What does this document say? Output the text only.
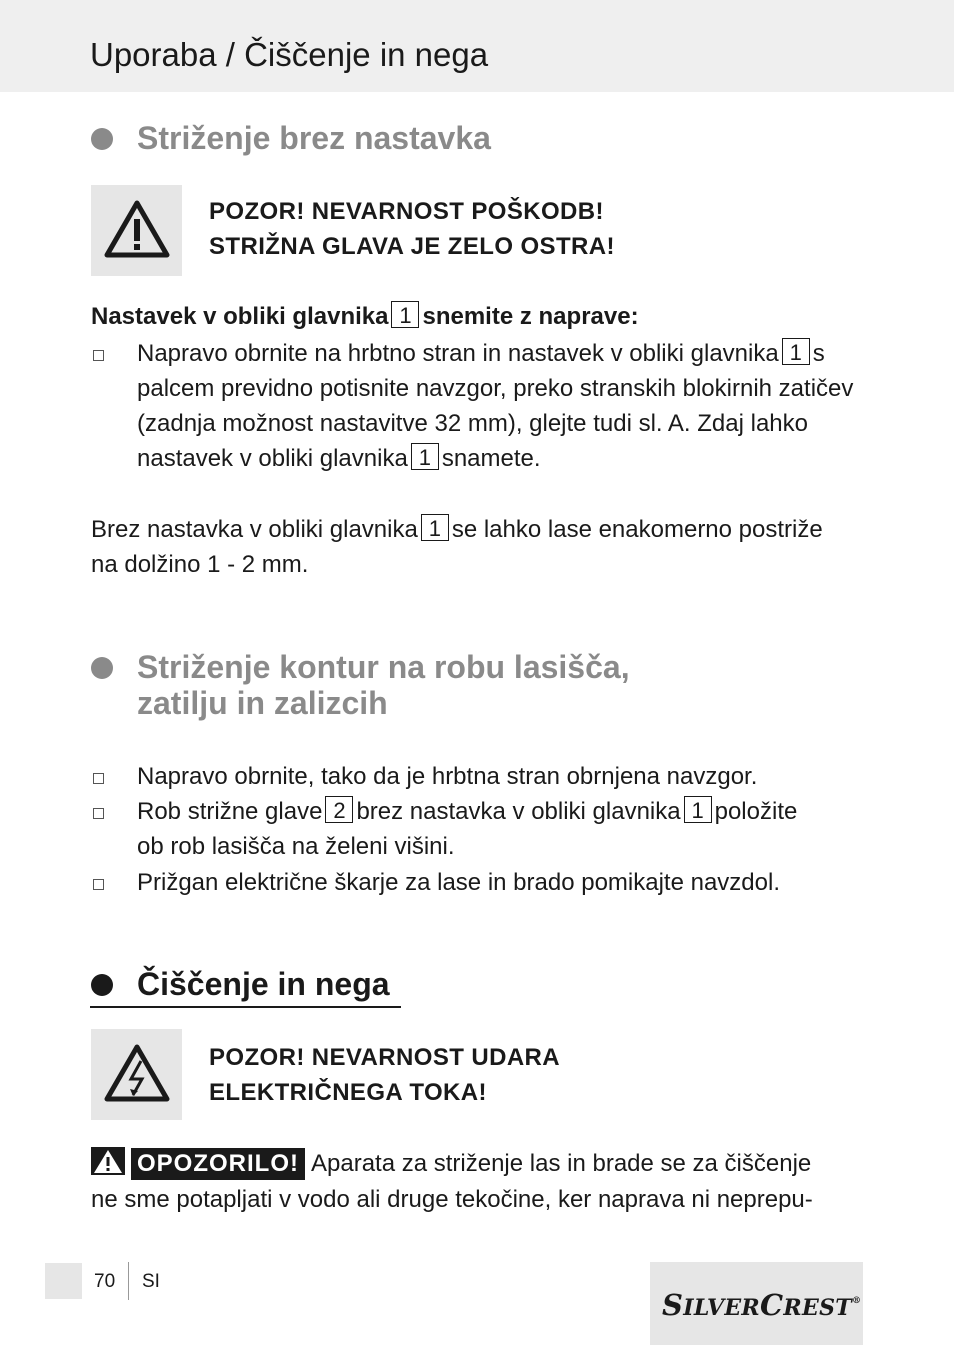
Uporaba / Čiščenje in nega
Striženje brez nastavka
POZOR! NEVARNOST POŠKODB!
STRIŽNA GLAVA JE ZELO OSTRA!
Nastavek v obliki glavnika 1 snemite z naprave:
Napravo obrnite na hrbtno stran in nastavek v obliki glavnika 1 s
palcem previdno potisnite navzgor, preko stranskih blokirnih zatičev
(zadnja možnost nastavitve 32 mm), glejte tudi sl. A. Zdaj lahko
nastavek v obliki glavnika 1 snamete.
Brez nastavka v obliki glavnika 1 se lahko lase enakomerno postriže
na dolžino 1 - 2 mm.
Striženje kontur na robu lasišča,
zatilju in zalizcih
Napravo obrnite, tako da je hrbtna stran obrnjena navzgor.
Rob strižne glave 2 brez nastavka v obliki glavnika 1 položite
ob rob lasišča na želeni višini.
Prižgan električne škarje za lase in brado pomikajte navzdol.
Čiščenje in nega
POZOR! NEVARNOST UDARA
ELEKTRIČNEGA TOKA!
OPOZORILO! Aparata za striženje las in brade se za čiščenje
ne sme potapljati v vodo ali druge tekočine, ker naprava ni neprepu-
70 SI
SILVERCREST®
